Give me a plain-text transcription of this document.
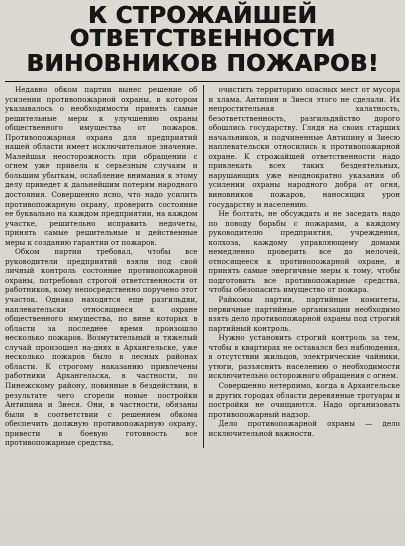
К СТРОЖАЙШЕЙ ОТВЕТСТВЕННОСТИ
ВИНОВНИКОВ ПОЖАРОВ!

Недавно обком партии вынес решение об усилении противопожарной охраны, в котором указывалось о необходимости принять самые решительные меры к улучшению охраны общественного имущества от пожаров. Противопожарная охрана для предприятий нашей области имеет исключительное значение. Малейшая неосторожность при обращении с огнем уже привела к серьезным случаям и большим убыткам, ослабление внимания к этому делу приведет к дальнейшим потерям народного достояния. Совершенно ясно, что надо усилить противопожарную охрану, проверить состояние ее буквально на каждом предприятии, на каждом участке, решительно исправить недочеты, принять самые решительные и действенные меры к созданию гарантии от пожаров.

Обком партии требовал, чтобы все руководители предприятий взяли под свой личный контроль состояние противопожарной охраны, потребовал строгой ответственности от работников, кому непосредственно поручено этот участок. Однако находятся еще разгильдяи, наплевательски относящиеся к охране общественного имущества, по вине которых в области за последнее время произошло несколько пожаров. Возмутительный и тяжелый случай произошел на-днях в Архангельске, уже несколько пожаров было в лесных районах области. К строгому наказанию привлечены работники Архангельска, в частности, по Пинежскому району, повинные в бездействии, в результате чего сгорели новые постройки Антипина и Зиеся. Они, в частности, обязаны были в соответствии с решением обкома обеспечить должную противопожарную охрану, привести в боевую готовность все противопожарные средства,

очистить территорию опасных мест от мусора и хлама. Антипин и Зиеся этого не сделали. Их непростительная халатность, безответственность, разгильдяйство дорого обошлись государству. Глядя на своих старших начальников, и подчиненные Антипину и Зиесю наплевательски относились к противопожарной охране. К строжайшей ответственности надо привлекать всех таких бездеятельных, нарушающих уже неоднократно указания об усилении охраны народного добра от огня, виновников пожаров, наносящих урон государству и населению.

Не болтать, не обсуждать и не заседать надо по поводу борьбы с пожарами, а каждому руководителю предприятия, учреждения, колхоза, каждому управляющему домами немедленно проверить все до мелочей, относящееся к противопожарной охране, и принять самые энергичные меры к тому, чтобы подготовить все противопожарные средства, чтобы обезопасить имущество от пожара.

Райкомы партии, партийные комитеты, первичные партийные организации необходимо взять дело противопожарной охраны под строгий партийный контроль.

Нужно установить строгий контроль за тем, чтобы в квартирах не оставался без наблюдения, в отсутствии жильцов, электрические чайники, утюги, разъяснить населению о необходимости исключительно осторожного обращения с огнем.

Совершенно нетерпимо, когда в Архангельске и других городах области деревянные тротуары и постройки не очищаются. Надо организовать противопожарный надзор.

Дело противопожарной охраны — дело исключительной важности.
